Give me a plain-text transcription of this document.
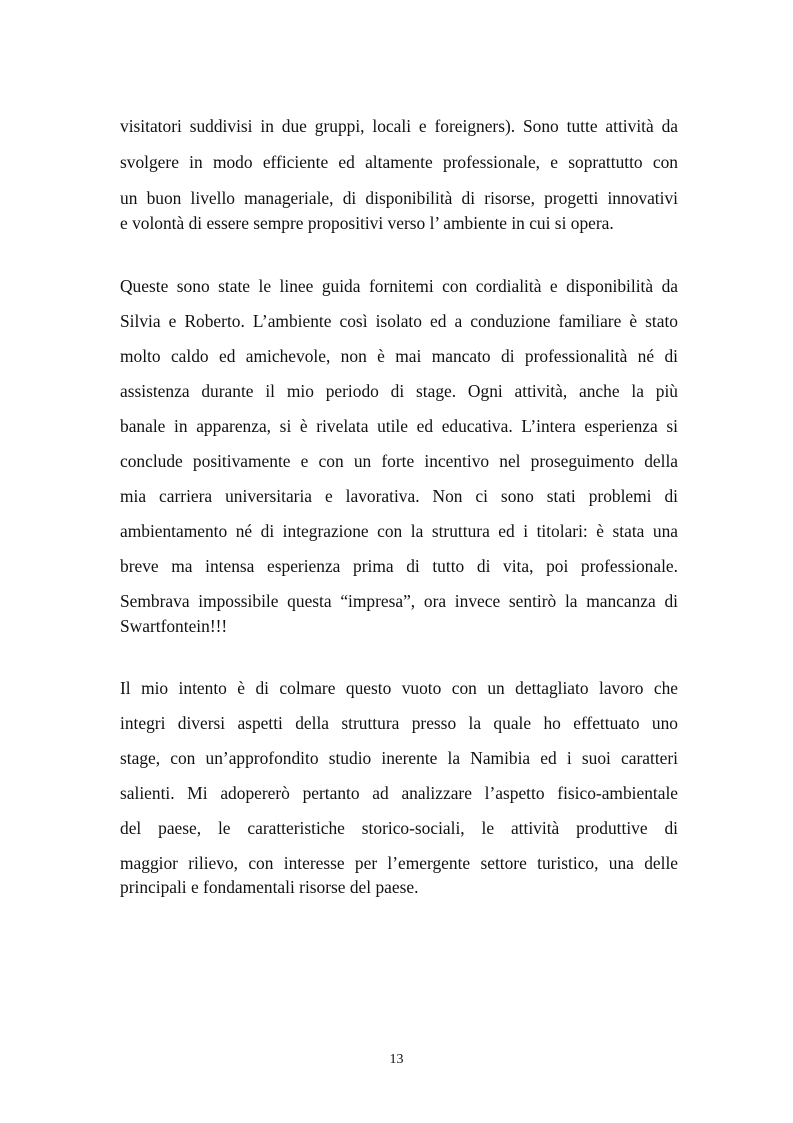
visitatori suddivisi in due gruppi, locali e foreigners). Sono tutte attività da
svolgere in modo efficiente ed altamente professionale, e soprattutto con
un buon livello manageriale, di disponibilità di risorse, progetti innovativi
e volontà di essere sempre propositivi verso l’ ambiente in cui si opera.
Queste sono state le linee guida fornitemi con cordialità e disponibilità da
Silvia e Roberto. L’ambiente così isolato ed a conduzione familiare è stato
molto caldo ed amichevole, non è mai mancato di professionalità né di
assistenza durante il mio periodo di stage. Ogni attività, anche la più
banale in apparenza, si è rivelata utile ed educativa. L’intera esperienza si
conclude positivamente e con un forte incentivo nel proseguimento della
mia carriera universitaria e lavorativa. Non ci sono stati problemi di
ambientamento né di integrazione con la struttura ed i titolari: è stata una
breve ma intensa esperienza prima di tutto di vita, poi professionale.
Sembrava impossibile questa “impresa”, ora invece sentirò la mancanza di
Swartfontein!!!
Il mio intento è di colmare questo vuoto con un dettagliato lavoro che
integri diversi aspetti della struttura presso la quale ho effettuato uno
stage, con un’approfondito studio inerente la Namibia ed i suoi caratteri
salienti. Mi adopererò pertanto ad analizzare l’aspetto fisico-ambientale
del paese, le caratteristiche storico-sociali, le attività produttive di
maggior rilievo, con interesse per l’emergente settore turistico, una delle
principali e fondamentali risorse del paese.
13
